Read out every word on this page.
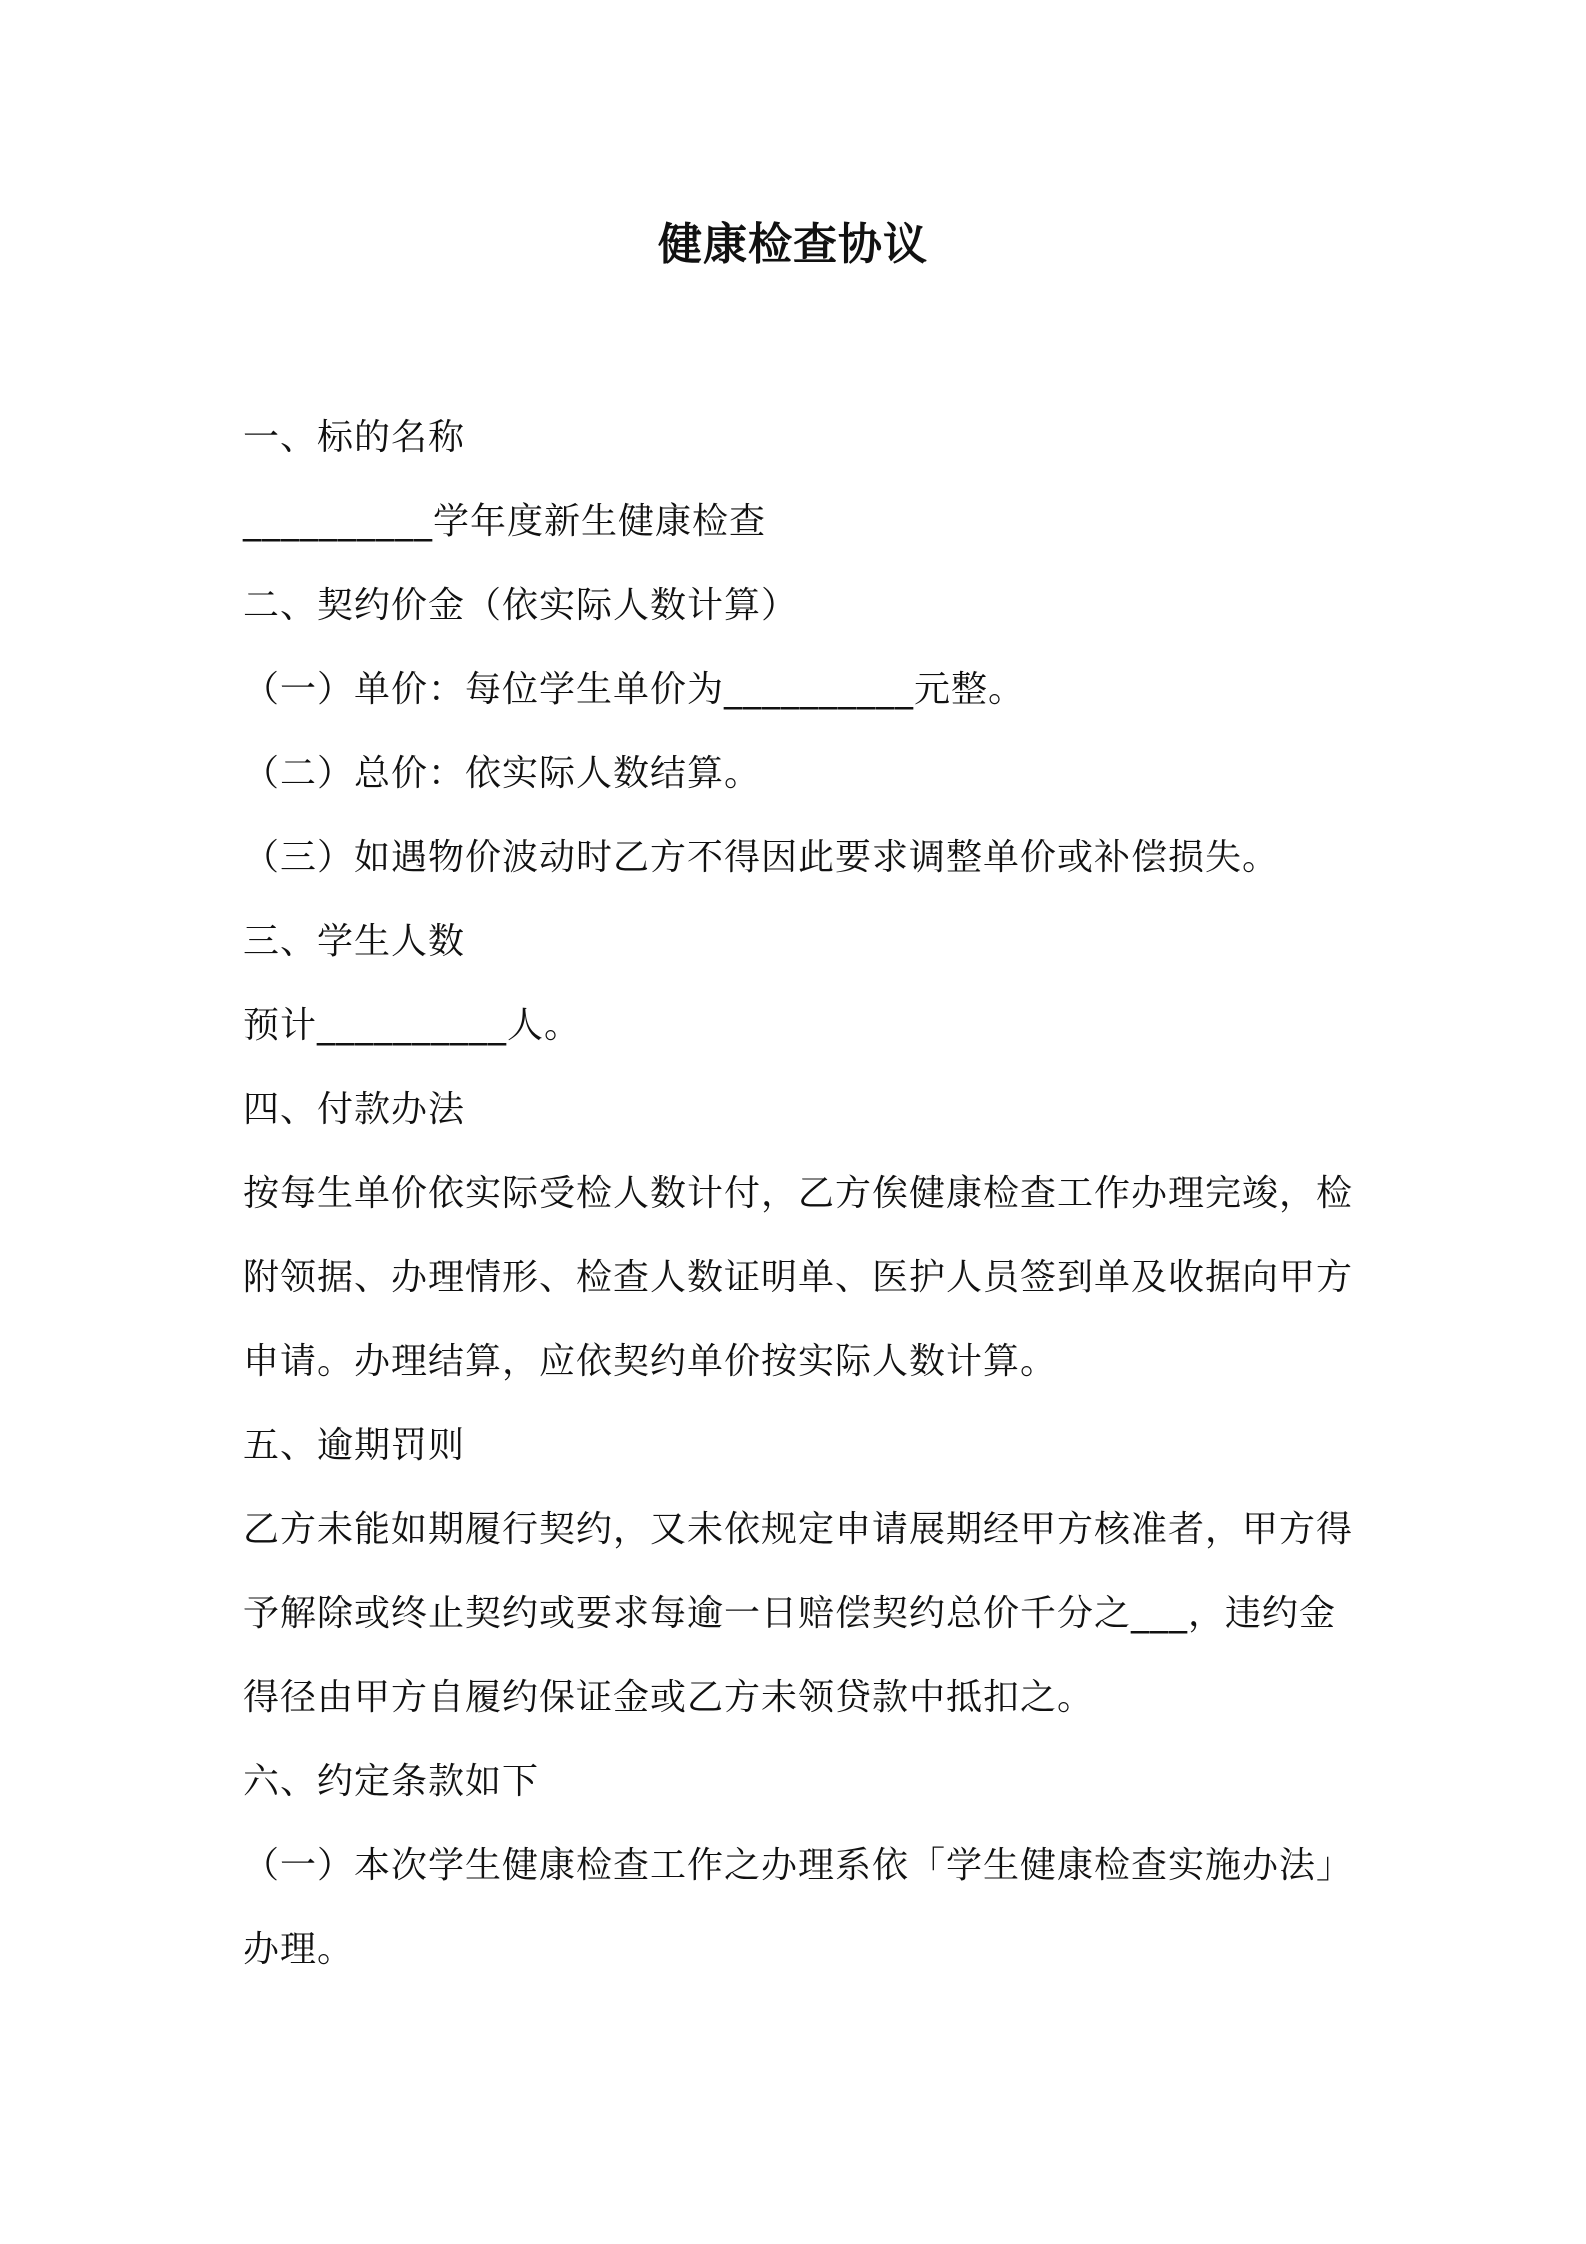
健康检查协议
一、标的名称
__________学年度新生健康检查
二、契约价金（依实际人数计算）
（一）单价：每位学生单价为__________元整。
（二）总价：依实际人数结算。
（三）如遇物价波动时乙方不得因此要求调整单价或补偿损失。
三、学生人数
预计__________人。
四、付款办法
按每生单价依实际受检人数计付，乙方俟健康检查工作办理完竣，检
附领据、办理情形、检查人数证明单、医护人员签到单及收据向甲方
申请。办理结算，应依契约单价按实际人数计算。
五、逾期罚则
乙方未能如期履行契约，又未依规定申请展期经甲方核准者，甲方得
予解除或终止契约或要求每逾一日赔偿契约总价千分之___，违约金
得径由甲方自履约保证金或乙方未领贷款中抵扣之。
六、约定条款如下
（一）本次学生健康检查工作之办理系依「学生健康检查实施办法」
办理。
